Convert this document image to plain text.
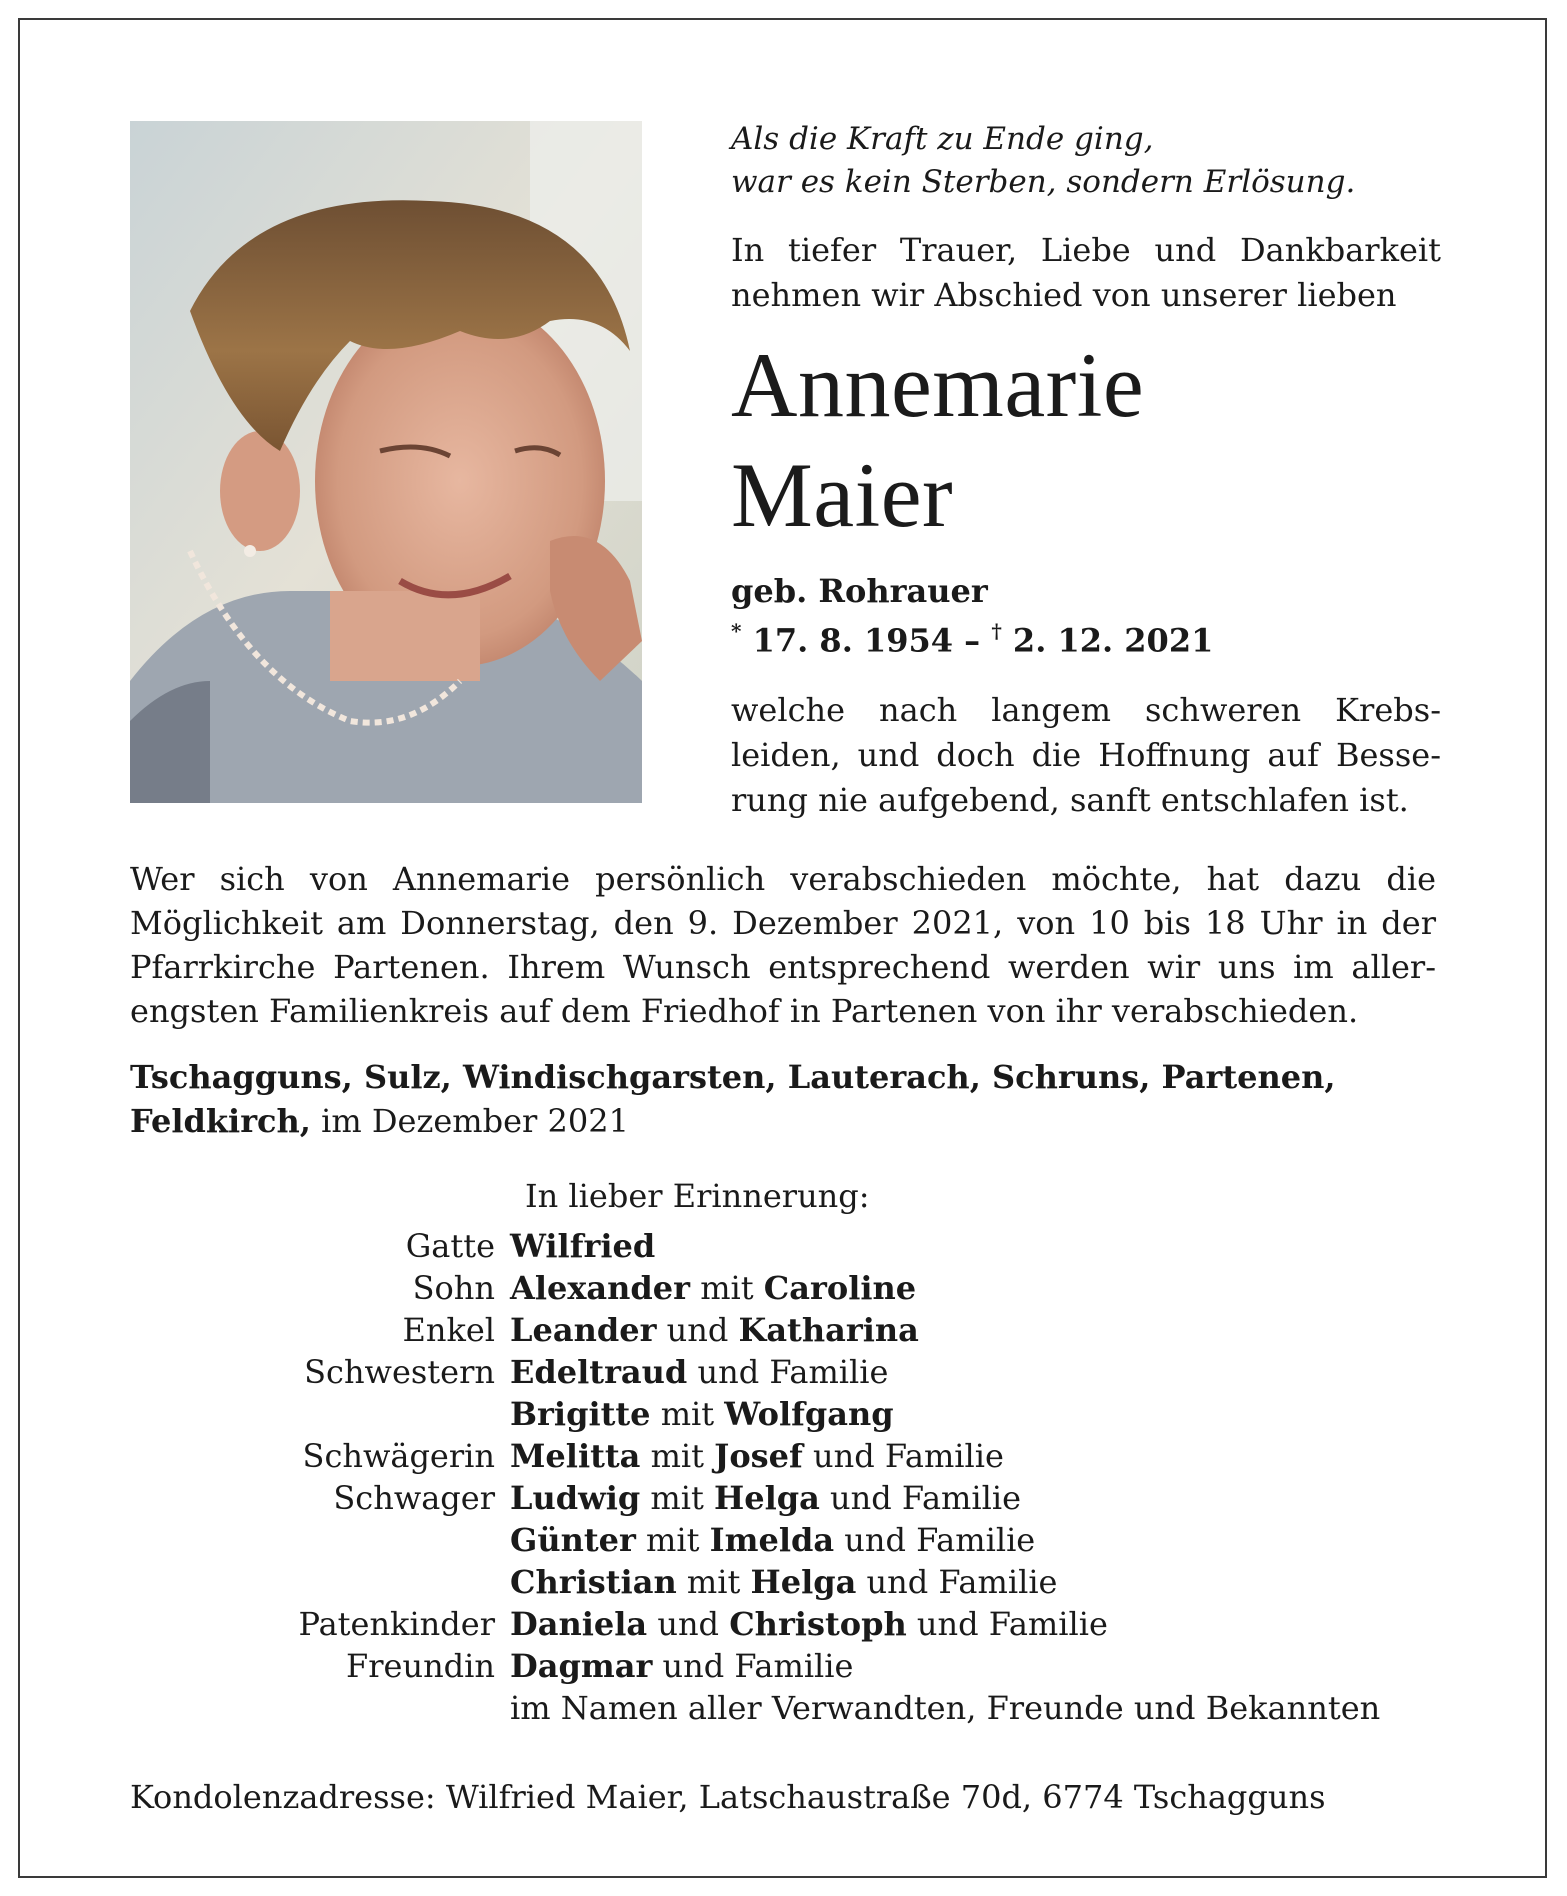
Als die Kraft zu Ende ging,
war es kein Sterben, sondern Erlösung.
In tiefer Trauer, Liebe und Dankbarkeit
nehmen wir Abschied von unserer lieben
Annemarie
Maier
geb. Rohrauer
* 17. 8. 1954 – † 2. 12. 2021
welche nach langem schweren Krebs-
leiden, und doch die Hoffnung auf Besse-
rung nie aufgebend, sanft entschlafen ist.
Wer sich von Annemarie persönlich verabschieden möchte, hat dazu die
Möglichkeit am Donnerstag, den 9. Dezember 2021, von 10 bis 18 Uhr in der
Pfarrkirche Partenen. Ihrem Wunsch entsprechend werden wir uns im aller-
engsten Familienkreis auf dem Friedhof in Partenen von ihr verabschieden.
Tschagguns, Sulz, Windischgarsten, Lauterach, Schruns, Partenen,
Feldkirch, im Dezember 2021
In lieber Erinnerung:
Gatte Wilfried
Sohn Alexander mit Caroline
Enkel Leander und Katharina
Schwestern Edeltraud und Familie
Brigitte mit Wolfgang
Schwägerin Melitta mit Josef und Familie
Schwager Ludwig mit Helga und Familie
Günter mit Imelda und Familie
Christian mit Helga und Familie
Patenkinder Daniela und Christoph und Familie
Freundin Dagmar und Familie
im Namen aller Verwandten, Freunde und Bekannten
Kondolenzadresse: Wilfried Maier, Latschaustraße 70d, 6774 Tschagguns
